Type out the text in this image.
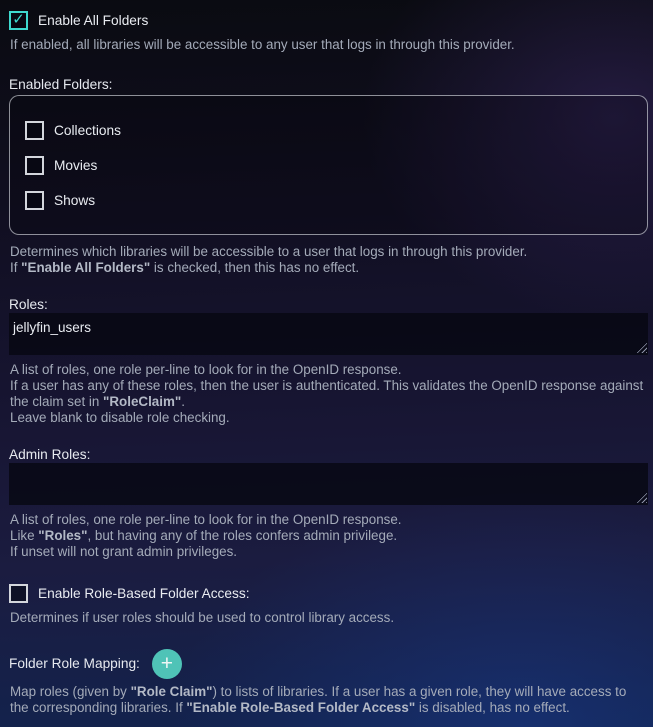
✓ Enable All Folders

If enabled, all libraries will be accessible to any user that logs in through this provider.

Enabled Folders:
Collections
Movies
Shows

Determines which libraries will be accessible to a user that logs in through this provider.
If "Enable All Folders" is checked, then this has no effect.

Roles:
jellyfin_users

A list of roles, one role per-line to look for in the OpenID response.
If a user has any of these roles, then the user is authenticated. This validates the OpenID response against the claim set in "RoleClaim".
Leave blank to disable role checking.

Admin Roles:

A list of roles, one role per-line to look for in the OpenID response.
Like "Roles", but having any of the roles confers admin privilege.
If unset will not grant admin privileges.

Enable Role-Based Folder Access:

Determines if user roles should be used to control library access.

Folder Role Mapping: +

Map roles (given by "Role Claim") to lists of libraries. If a user has a given role, they will have access to the corresponding libraries. If "Enable Role-Based Folder Access" is disabled, has no effect.
